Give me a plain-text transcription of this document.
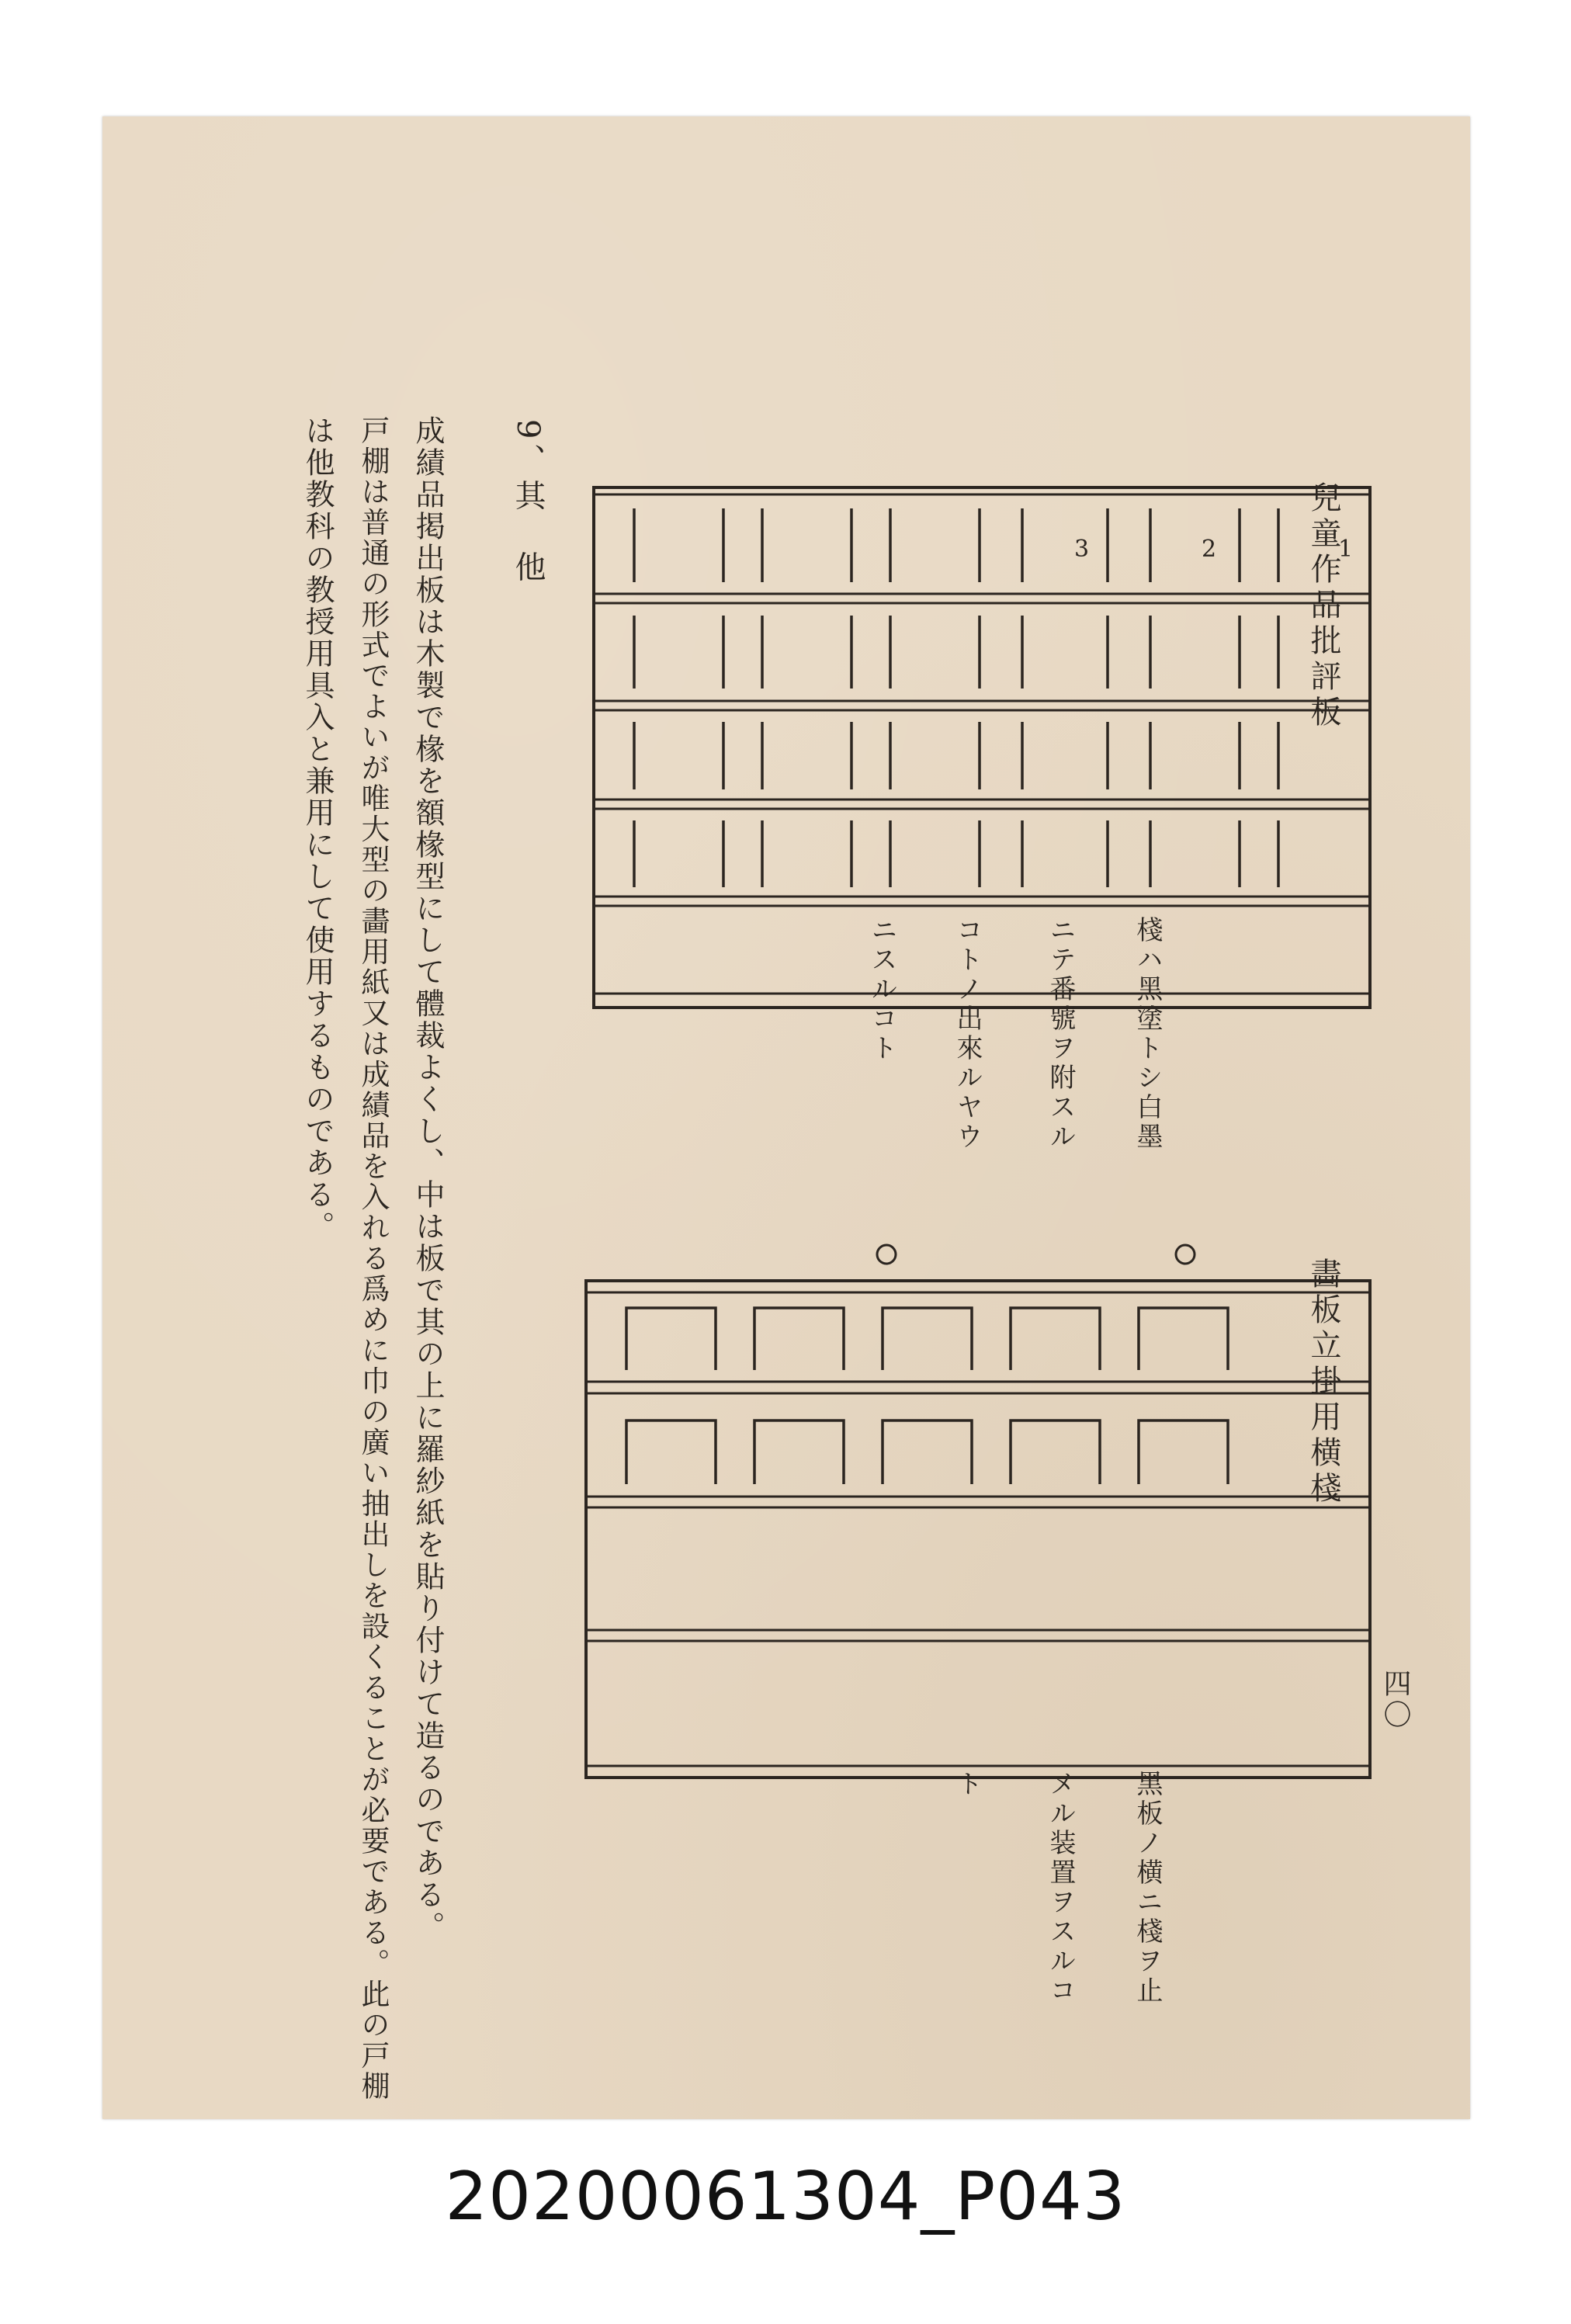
兒童作品批評板
1
2
3
棧ハ黑塗トシ白墨
ニテ番號ヲ附スル
コトノ出來ルヤウ
ニスルコト
畵板立掛用横棧
黑板ノ横ニ棧ヲ止
メル装置ヲスルコ
ト
四〇
9、其　他
成績品掲出板は木製で椽を額椽型にして體裁よくし、中は板で其の上に羅紗紙を貼り付けて造るのである。
戸棚は普通の形式でよいが唯大型の畵用紙又は成績品を入れる爲めに巾の廣い抽出しを設くることが必要である。此の戸棚
は他教科の教授用具入と兼用にして使用するものである。
20200061304_P043
